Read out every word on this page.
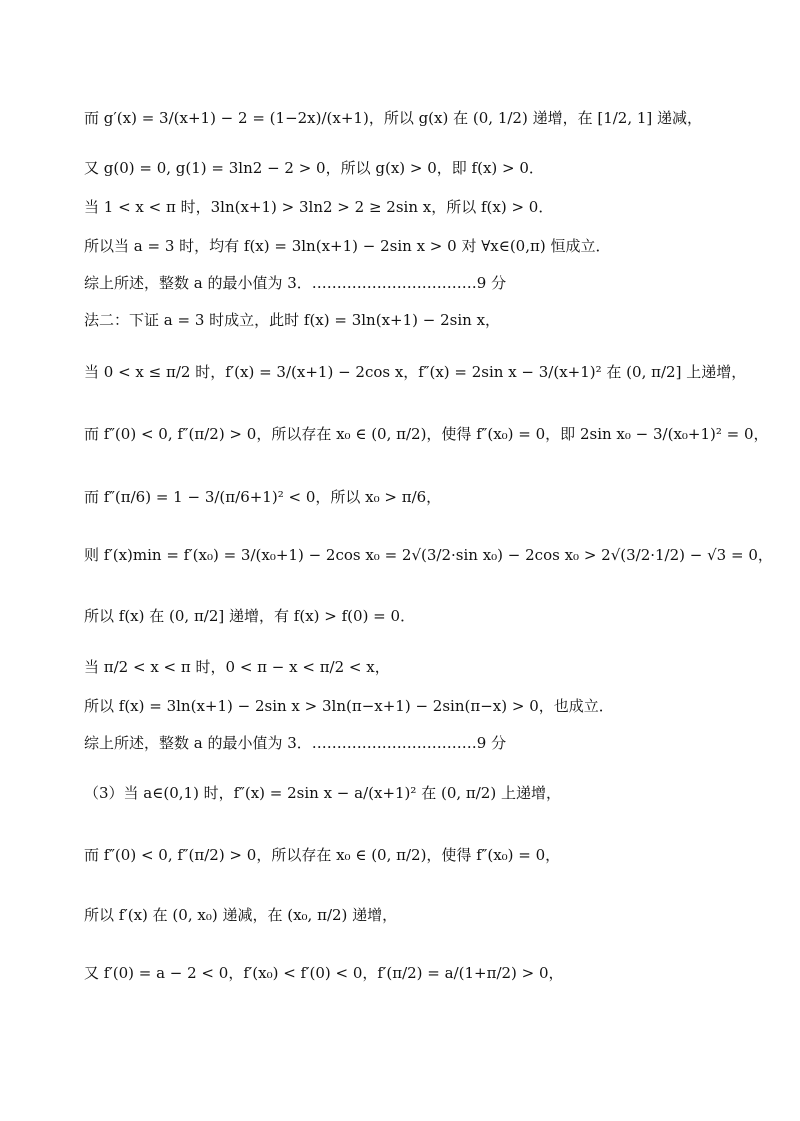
而 g′(x) = 3/(x+1) − 2 = (1−2x)/(x+1)，所以 g(x) 在 (0, 1/2) 递增，在 [1/2, 1] 递减，
又 g(0) = 0, g(1) = 3ln2 − 2 > 0，所以 g(x) > 0，即 f(x) > 0．
当 1 < x < π 时，3ln(x+1) > 3ln2 > 2 ≥ 2sin x，所以 f(x) > 0．
所以当 a = 3 时，均有 f(x) = 3ln(x+1) − 2sin x > 0 对 ∀x∈(0,π) 恒成立．
综上所述，整数 a 的最小值为 3．……………………………9 分
法二：下证 a = 3 时成立，此时 f(x) = 3ln(x+1) − 2sin x，
当 0 < x ≤ π/2 时，f′(x) = 3/(x+1) − 2cos x，f″(x) = 2sin x − 3/(x+1)² 在 (0, π/2] 上递增，
而 f″(0) < 0, f″(π/2) > 0，所以存在 x₀ ∈ (0, π/2)，使得 f″(x₀) = 0，即 2sin x₀ − 3/(x₀+1)² = 0，
而 f″(π/6) = 1 − 3/(π/6+1)² < 0，所以 x₀ > π/6，
则 f′(x)min = f′(x₀) = 3/(x₀+1) − 2cos x₀ = 2√(3/2·sin x₀) − 2cos x₀ > 2√(3/2·1/2) − √3 = 0，
所以 f(x) 在 (0, π/2] 递增，有 f(x) > f(0) = 0．
当 π/2 < x < π 时，0 < π − x < π/2 < x，
所以 f(x) = 3ln(x+1) − 2sin x > 3ln(π−x+1) − 2sin(π−x) > 0，也成立．
综上所述，整数 a 的最小值为 3．……………………………9 分
（3）当 a∈(0,1) 时，f″(x) = 2sin x − a/(x+1)² 在 (0, π/2) 上递增，
而 f″(0) < 0, f″(π/2) > 0，所以存在 x₀ ∈ (0, π/2)，使得 f″(x₀) = 0，
所以 f′(x) 在 (0, x₀) 递减，在 (x₀, π/2) 递增，
又 f′(0) = a − 2 < 0，f′(x₀) < f′(0) < 0，f′(π/2) = a/(1+π/2) > 0，
